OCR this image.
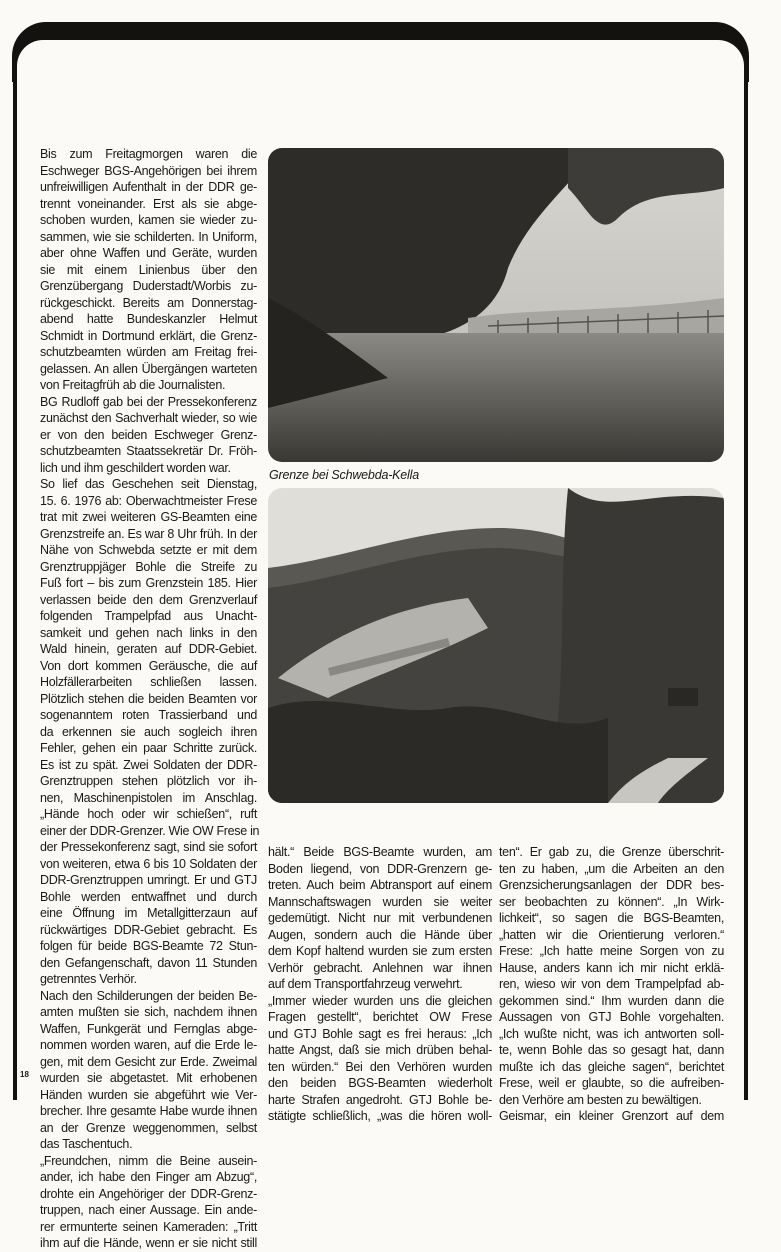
Bis zum Freitagmorgen waren die
Eschweger BGS-Angehörigen bei ihrem
unfreiwilligen Aufenthalt in der DDR ge-
trennt voneinander. Erst als sie abge-
schoben wurden, kamen sie wieder zu-
sammen, wie sie schilderten. In Uniform,
aber ohne Waffen und Geräte, wurden
sie mit einem Linienbus über den
Grenzübergang Duderstadt/Worbis zu-
rückgeschickt. Bereits am Donnerstag-
abend hatte Bundeskanzler Helmut
Schmidt in Dortmund erklärt, die Grenz-
schutzbeamten würden am Freitag frei-
gelassen. An allen Übergängen warteten
von Freitagfrüh ab die Journalisten.
BG Rudloff gab bei der Pressekonferenz
zunächst den Sachverhalt wieder, so wie
er von den beiden Eschweger Grenz-
schutzbeamten Staatssekretär Dr. Fröh-
lich und ihm geschildert worden war.
So lief das Geschehen seit Dienstag,
15. 6. 1976 ab: Oberwachtmeister Frese
trat mit zwei weiteren GS-Beamten eine
Grenzstreife an. Es war 8 Uhr früh. In der
Nähe von Schwebda setzte er mit dem
Grenztruppjäger Bohle die Streife zu
Fuß fort – bis zum Grenzstein 185. Hier
verlassen beide den dem Grenzverlauf
folgenden Trampelpfad aus Unacht-
samkeit und gehen nach links in den
Wald hinein, geraten auf DDR-Gebiet.
Von dort kommen Geräusche, die auf
Holzfällerarbeiten schließen lassen.
Plötzlich stehen die beiden Beamten vor
sogenanntem roten Trassierband und
da erkennen sie auch sogleich ihren
Fehler, gehen ein paar Schritte zurück.
Es ist zu spät. Zwei Soldaten der DDR-
Grenztruppen stehen plötzlich vor ih-
nen, Maschinenpistolen im Anschlag.
„Hände hoch oder wir schießen“, ruft
einer der DDR-Grenzer. Wie OW Frese in
der Pressekonferenz sagt, sind sie sofort
von weiteren, etwa 6 bis 10 Soldaten der
DDR-Grenztruppen umringt. Er und GTJ
Bohle werden entwaffnet und durch
eine Öffnung im Metallgitterzaun auf
rückwärtiges DDR-Gebiet gebracht. Es
folgen für beide BGS-Beamte 72 Stun-
den Gefangenschaft, davon 11 Stunden
getrenntes Verhör.
Nach den Schilderungen der beiden Be-
amten mußten sie sich, nachdem ihnen
Waffen, Funkgerät und Fernglas abge-
nommen worden waren, auf die Erde le-
gen, mit dem Gesicht zur Erde. Zweimal
wurden sie abgetastet. Mit erhobenen
Händen wurden sie abgeführt wie Ver-
brecher. Ihre gesamte Habe wurde ihnen
an der Grenze weggenommen, selbst
das Taschentuch.
„Freundchen, nimm die Beine ausein-
ander, ich habe den Finger am Abzug“,
drohte ein Angehöriger der DDR-Grenz-
truppen, nach einer Aussage. Ein ande-
rer ermunterte seinen Kameraden: „Tritt
ihm auf die Hände, wenn er sie nicht still
hält.“ Beide BGS-Beamte wurden, am
Boden liegend, von DDR-Grenzern ge-
treten. Auch beim Abtransport auf einem
Mannschaftswagen wurden sie weiter
gedemütigt. Nicht nur mit verbundenen
Augen, sondern auch die Hände über
dem Kopf haltend wurden sie zum ersten
Verhör gebracht. Anlehnen war ihnen
auf dem Transportfahrzeug verwehrt.
„Immer wieder wurden uns die gleichen
Fragen gestellt“, berichtet OW Frese
und GTJ Bohle sagt es frei heraus: „Ich
hatte Angst, daß sie mich drüben behal-
ten würden.“ Bei den Verhören wurden
den beiden BGS-Beamten wiederholt
harte Strafen angedroht. GTJ Bohle be-
stätigte schließlich, „was die hören woll-
ten“. Er gab zu, die Grenze überschrit-
ten zu haben, „um die Arbeiten an den
Grenzsicherungsanlagen der DDR bes-
ser beobachten zu können“. „In Wirk-
lichkeit“, so sagen die BGS-Beamten,
„hatten wir die Orientierung verloren.“
Frese: „Ich hatte meine Sorgen von zu
Hause, anders kann ich mir nicht erklä-
ren, wieso wir von dem Trampelpfad ab-
gekommen sind.“ Ihm wurden dann die
Aussagen von GTJ Bohle vorgehalten.
„Ich wußte nicht, was ich antworten soll-
te, wenn Bohle das so gesagt hat, dann
mußte ich das gleiche sagen“, berichtet
Frese, weil er glaubte, so die aufreiben-
den Verhöre am besten zu bewältigen.
Geismar, ein kleiner Grenzort auf dem
Grenze bei Schwebda-Kella
18
